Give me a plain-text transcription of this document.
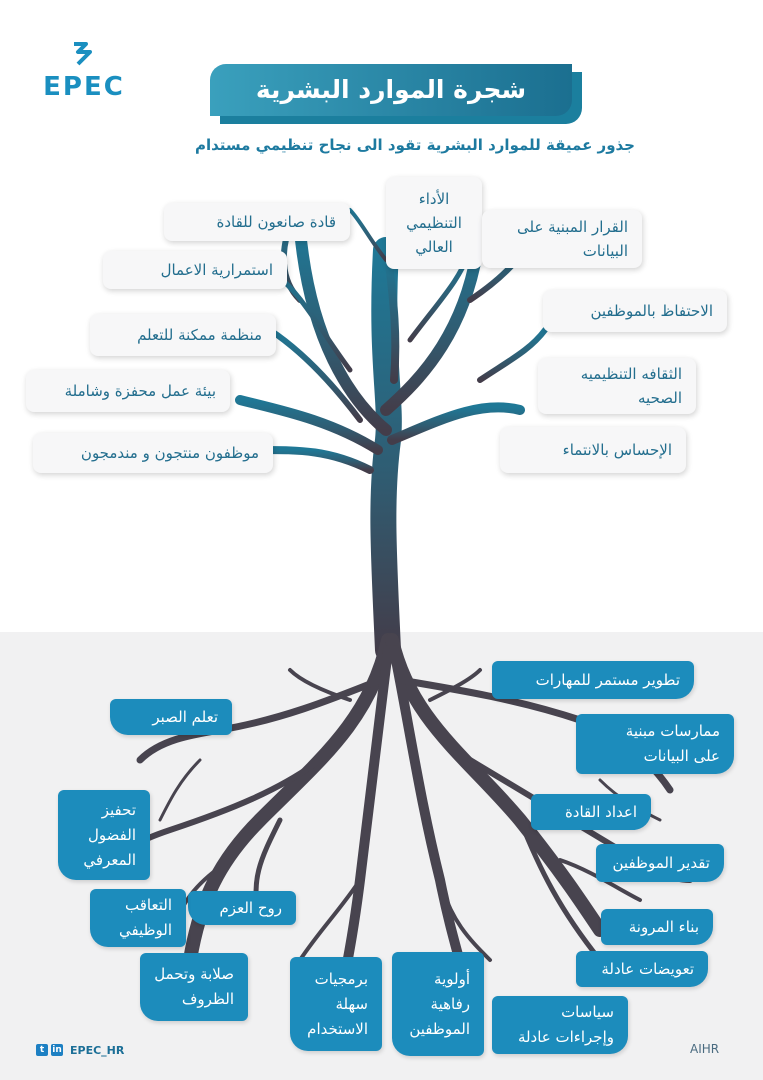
EPEC	شجرة الموارد البشرية
جذور عميقة للموارد البشرية تقود الى نجاح تنظيمي مستدام
قادة صانعون للقادة
استمرارية الاعمال
منظمة ممكنة للتعلم
بيئة عمل محفزة وشاملة
موظفون منتجون و مندمجون
الأداء
التنظيمي
العالي
القرار المبنية على
البيانات
الاحتفاظ بالموظفين
الثقافه التنظيميه
الصحيه
الإحساس بالانتماء
تعلم الصبر
تحفيز
الفضول
المعرفي
روح العزم
التعاقب
الوظيفي
صلابة وتحمل
الظروف
برمجيات
سهلة
الاستخدام
أولوية
رفاهية
الموظفين
تطوير مستمر للمهارات
ممارسات مبنية
على البيانات
اعداد القادة
تقدير الموظفين
بناء المرونة
تعويضات عادلة
سياسات
وإجراءات عادلة
t in EPEC_HR	AIHR
